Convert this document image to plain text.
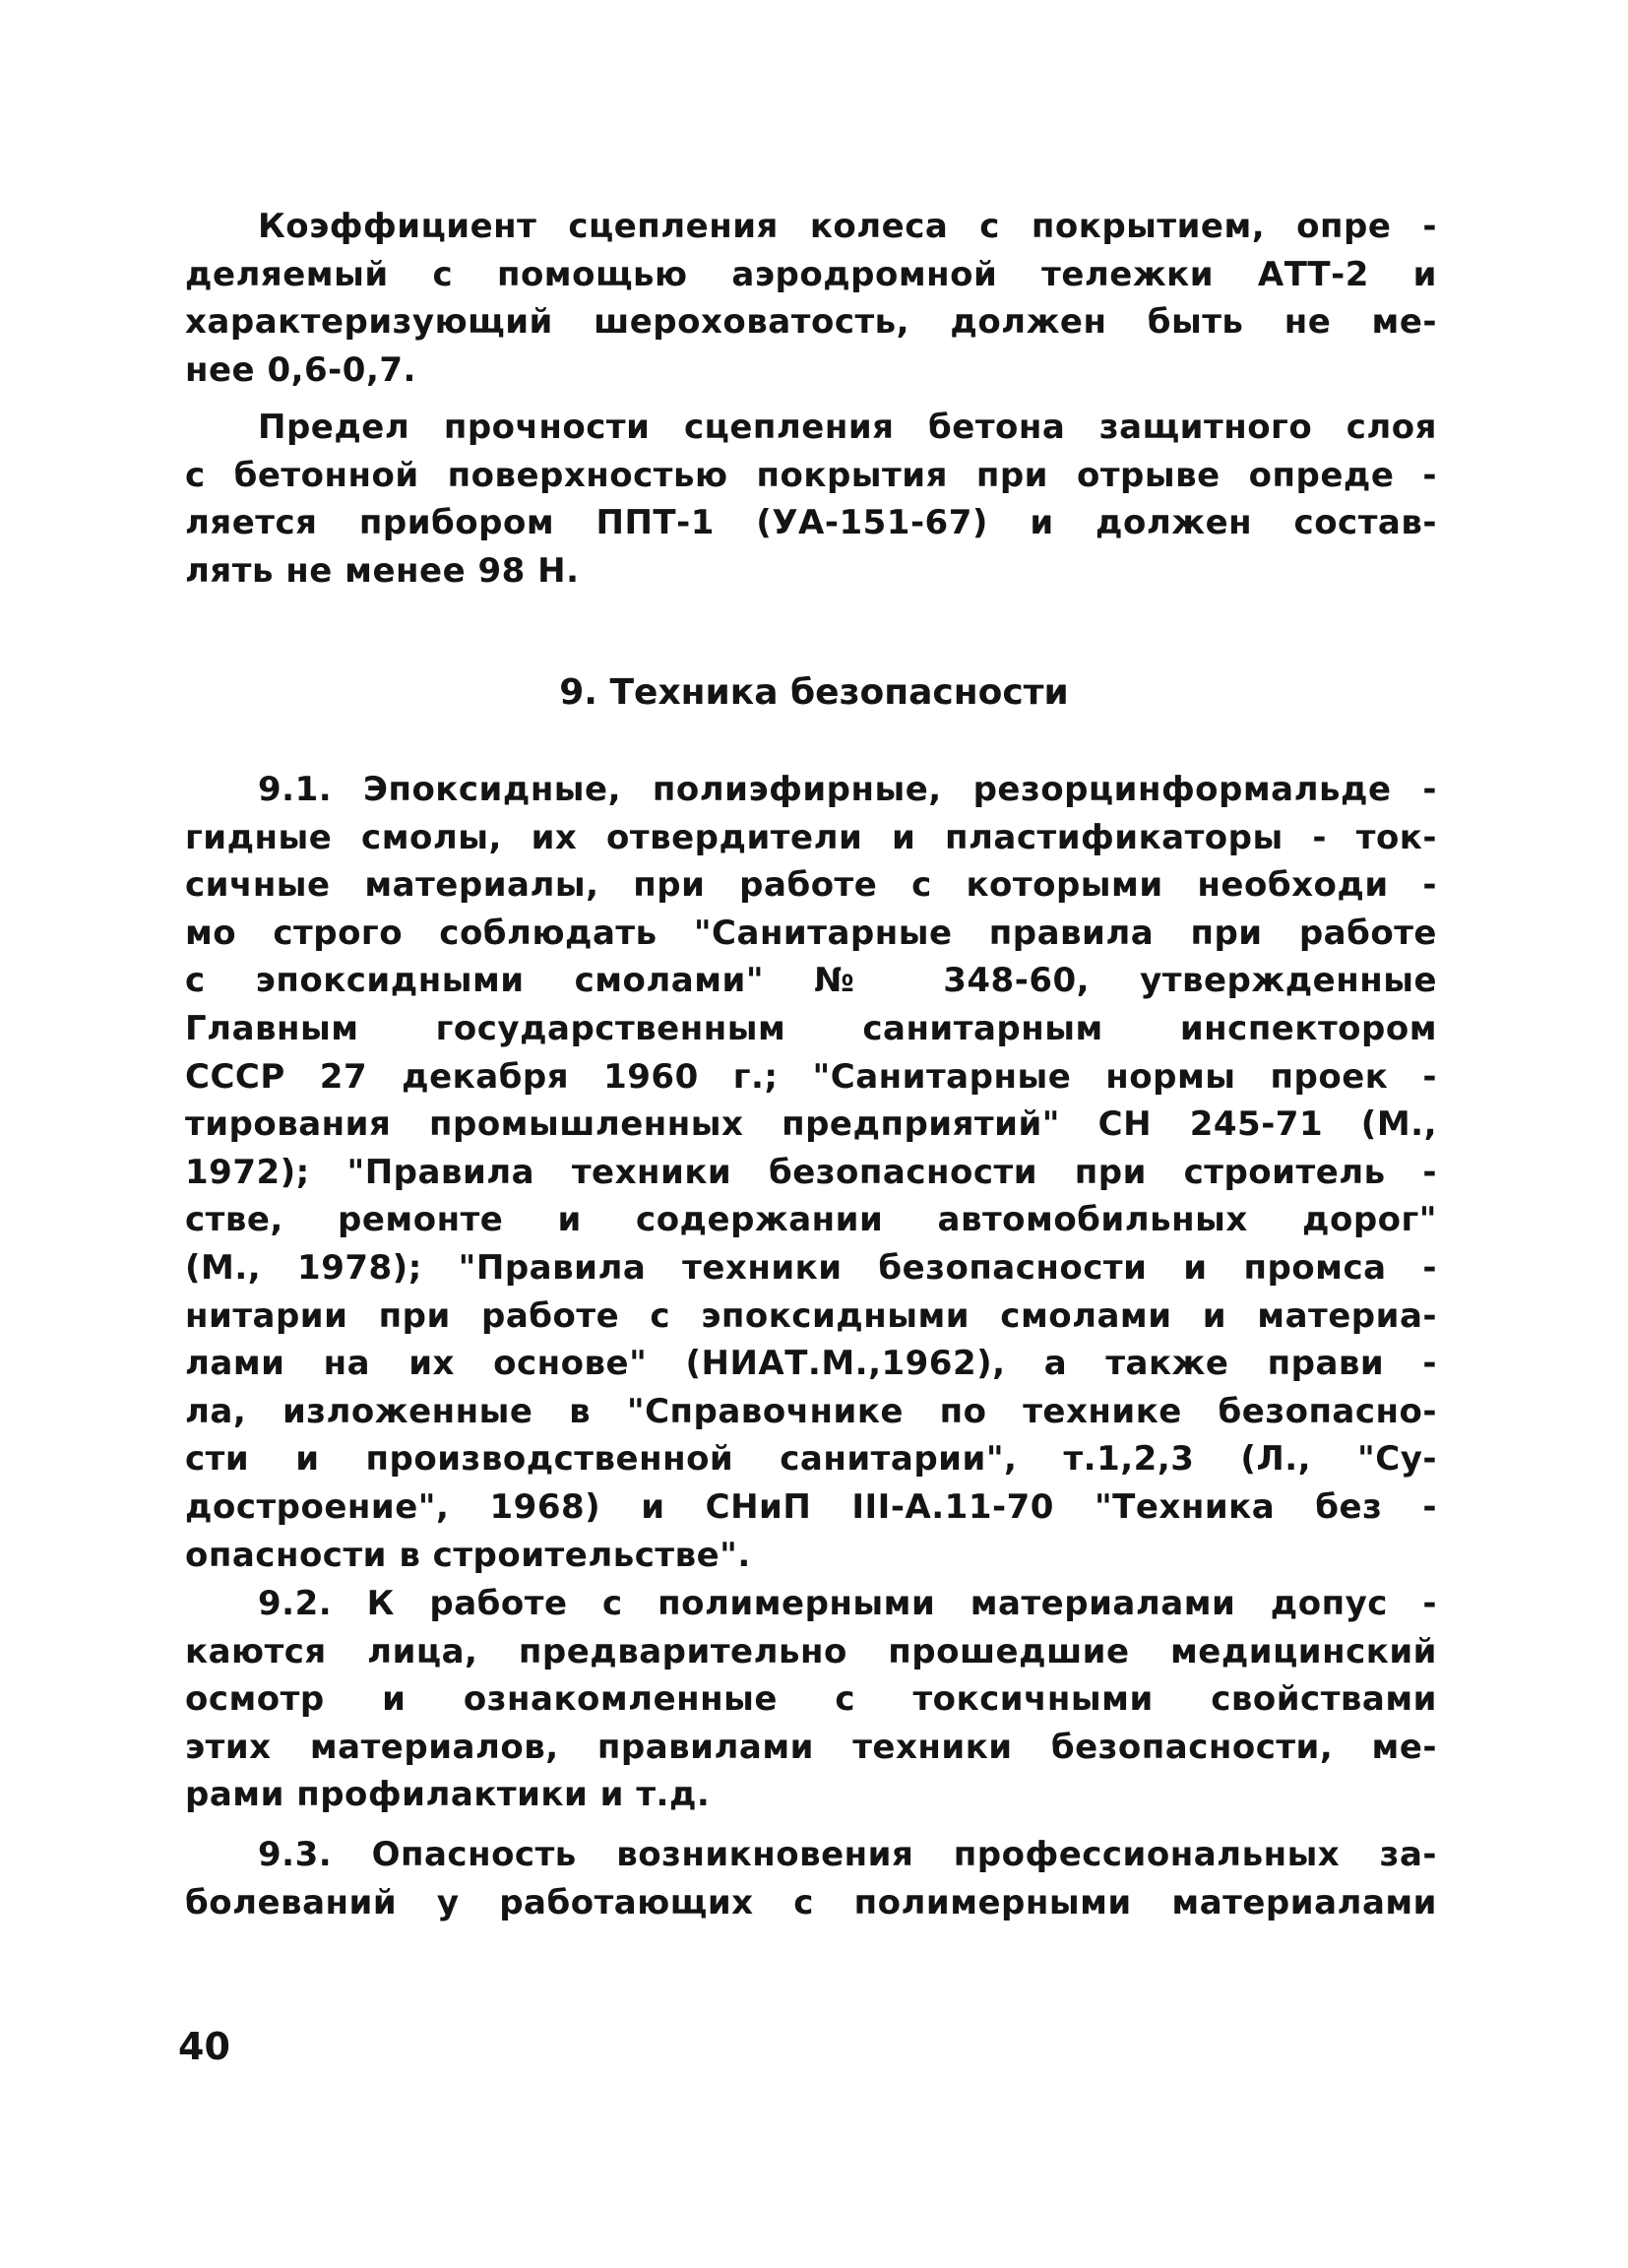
Коэффициент сцепления колеса с покрытием, опре -
деляемый с помощью аэродромной тележки АТТ-2 и
характеризующий шероховатость, должен быть не ме-
нее 0,6-0,7.
Предел прочности сцепления бетона защитного слоя
с бетонной поверхностью покрытия при отрыве опреде -
ляется прибором ППТ-1 (УА-151-67) и должен состав-
лять не менее 98 Н.
9. Техника безопасности
9.1. Эпоксидные, полиэфирные, резорцинформальде -
гидные смолы, их отвердители и пластификаторы - ток-
сичные материалы, при работе с которыми необходи -
мо строго соблюдать "Санитарные правила при работе
с эпоксидными смолами" № 348-60, утвержденные
Главным государственным санитарным инспектором
СССР 27 декабря 1960 г.; "Санитарные нормы проек -
тирования промышленных предприятий" СН 245-71 (М.,
1972); "Правила техники безопасности при строитель -
стве, ремонте и содержании автомобильных дорог"
(М., 1978); "Правила техники безопасности и промса -
нитарии при работе с эпоксидными смолами и материа-
лами на их основе" (НИАТ.М.,1962), а также прави -
ла, изложенные в "Справочнике по технике безопасно-
сти и производственной санитарии", т.1,2,3 (Л., "Су-
достроение", 1968) и СНиП III-А.11-70 "Техника без -
опасности в строительстве".
9.2. К работе с полимерными материалами допус -
каются лица, предварительно прошедшие медицинский
осмотр и ознакомленные с токсичными свойствами
этих материалов, правилами техники безопасности, ме-
рами профилактики и т.д.
9.3. Опасность возникновения профессиональных за-
болеваний у работающих с полимерными материалами
40
